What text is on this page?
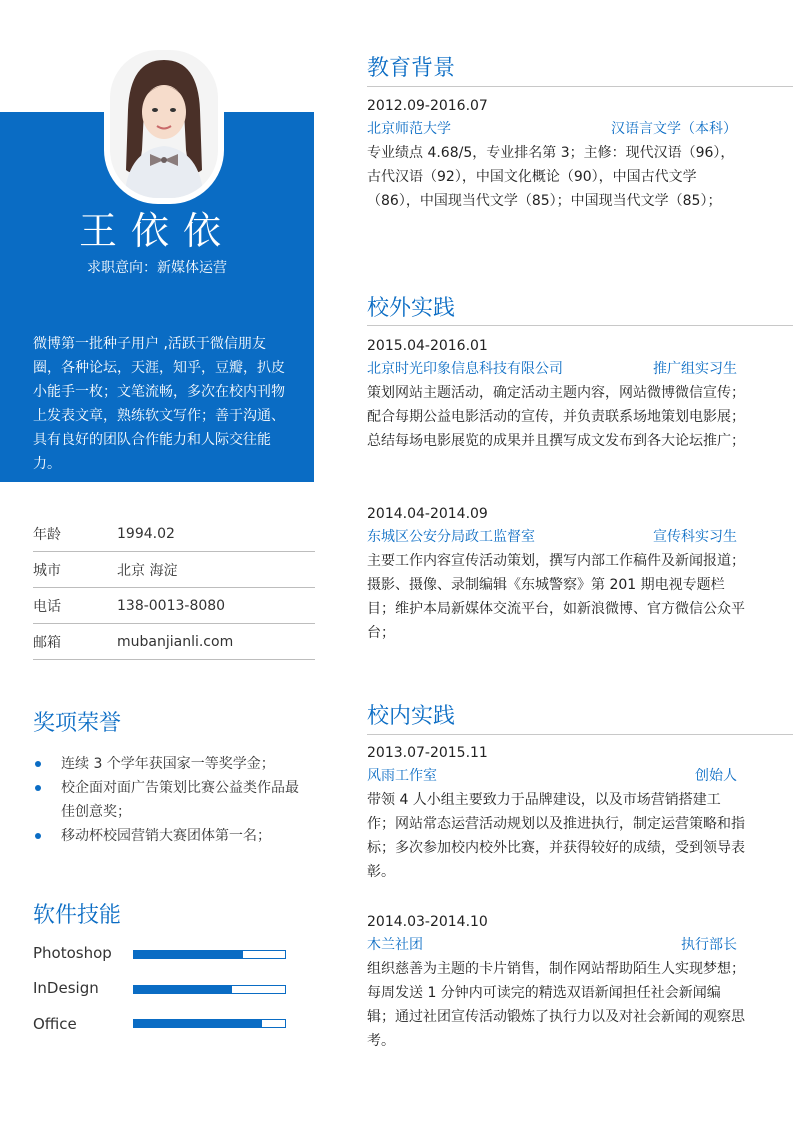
王依依
求职意向：新媒体运营
微博第一批种子用户 ,活跃于微信朋友圈，各种论坛，天涯，知乎，豆瓣，扒皮小能手一枚；文笔流畅，多次在校内刊物上发表文章，熟练软文写作；善于沟通、具有良好的团队合作能力和人际交往能力。
年龄	1994.02
城市	北京 海淀
电话	138-0013-8080
邮箱	mubanjianli.com
奖项荣誉
连续 3 个学年获国家一等奖学金；
校企面对面广告策划比赛公益类作品最佳创意奖；
移动杯校园营销大赛团体第一名；
软件技能
Photoshop
InDesign
Office
教育背景
2012.09-2016.07
北京师范大学	汉语言文学（本科）
专业绩点 4.68/5，专业排名第 3；主修：现代汉语（96），古代汉语（92），中国文化概论（90），中国古代文学（86），中国现当代文学（85）；中国现当代文学（85）；
校外实践
2015.04-2016.01
北京时光印象信息科技有限公司	推广组实习生
策划网站主题活动，确定活动主题内容，网站微博微信宣传；配合每期公益电影活动的宣传，并负责联系场地策划电影展；总结每场电影展览的成果并且撰写成文发布到各大论坛推广；
2014.04-2014.09
东城区公安分局政工监督室	宣传科实习生
主要工作内容宣传活动策划，撰写内部工作稿件及新闻报道；摄影、摄像、录制编辑《东城警察》第 201 期电视专题栏目；维护本局新媒体交流平台，如新浪微博、官方微信公众平台；
校内实践
2013.07-2015.11
风雨工作室	创始人
带领 4 人小组主要致力于品牌建设，以及市场营销搭建工作；网站常态运营活动规划以及推进执行，制定运营策略和指标；多次参加校内校外比赛，并获得较好的成绩，受到领导表彰。
2014.03-2014.10
木兰社团	执行部长
组织慈善为主题的卡片销售，制作网站帮助陌生人实现梦想；每周发送 1 分钟内可读完的精选双语新闻担任社会新闻编辑；通过社团宣传活动锻炼了执行力以及对社会新闻的观察思考。
